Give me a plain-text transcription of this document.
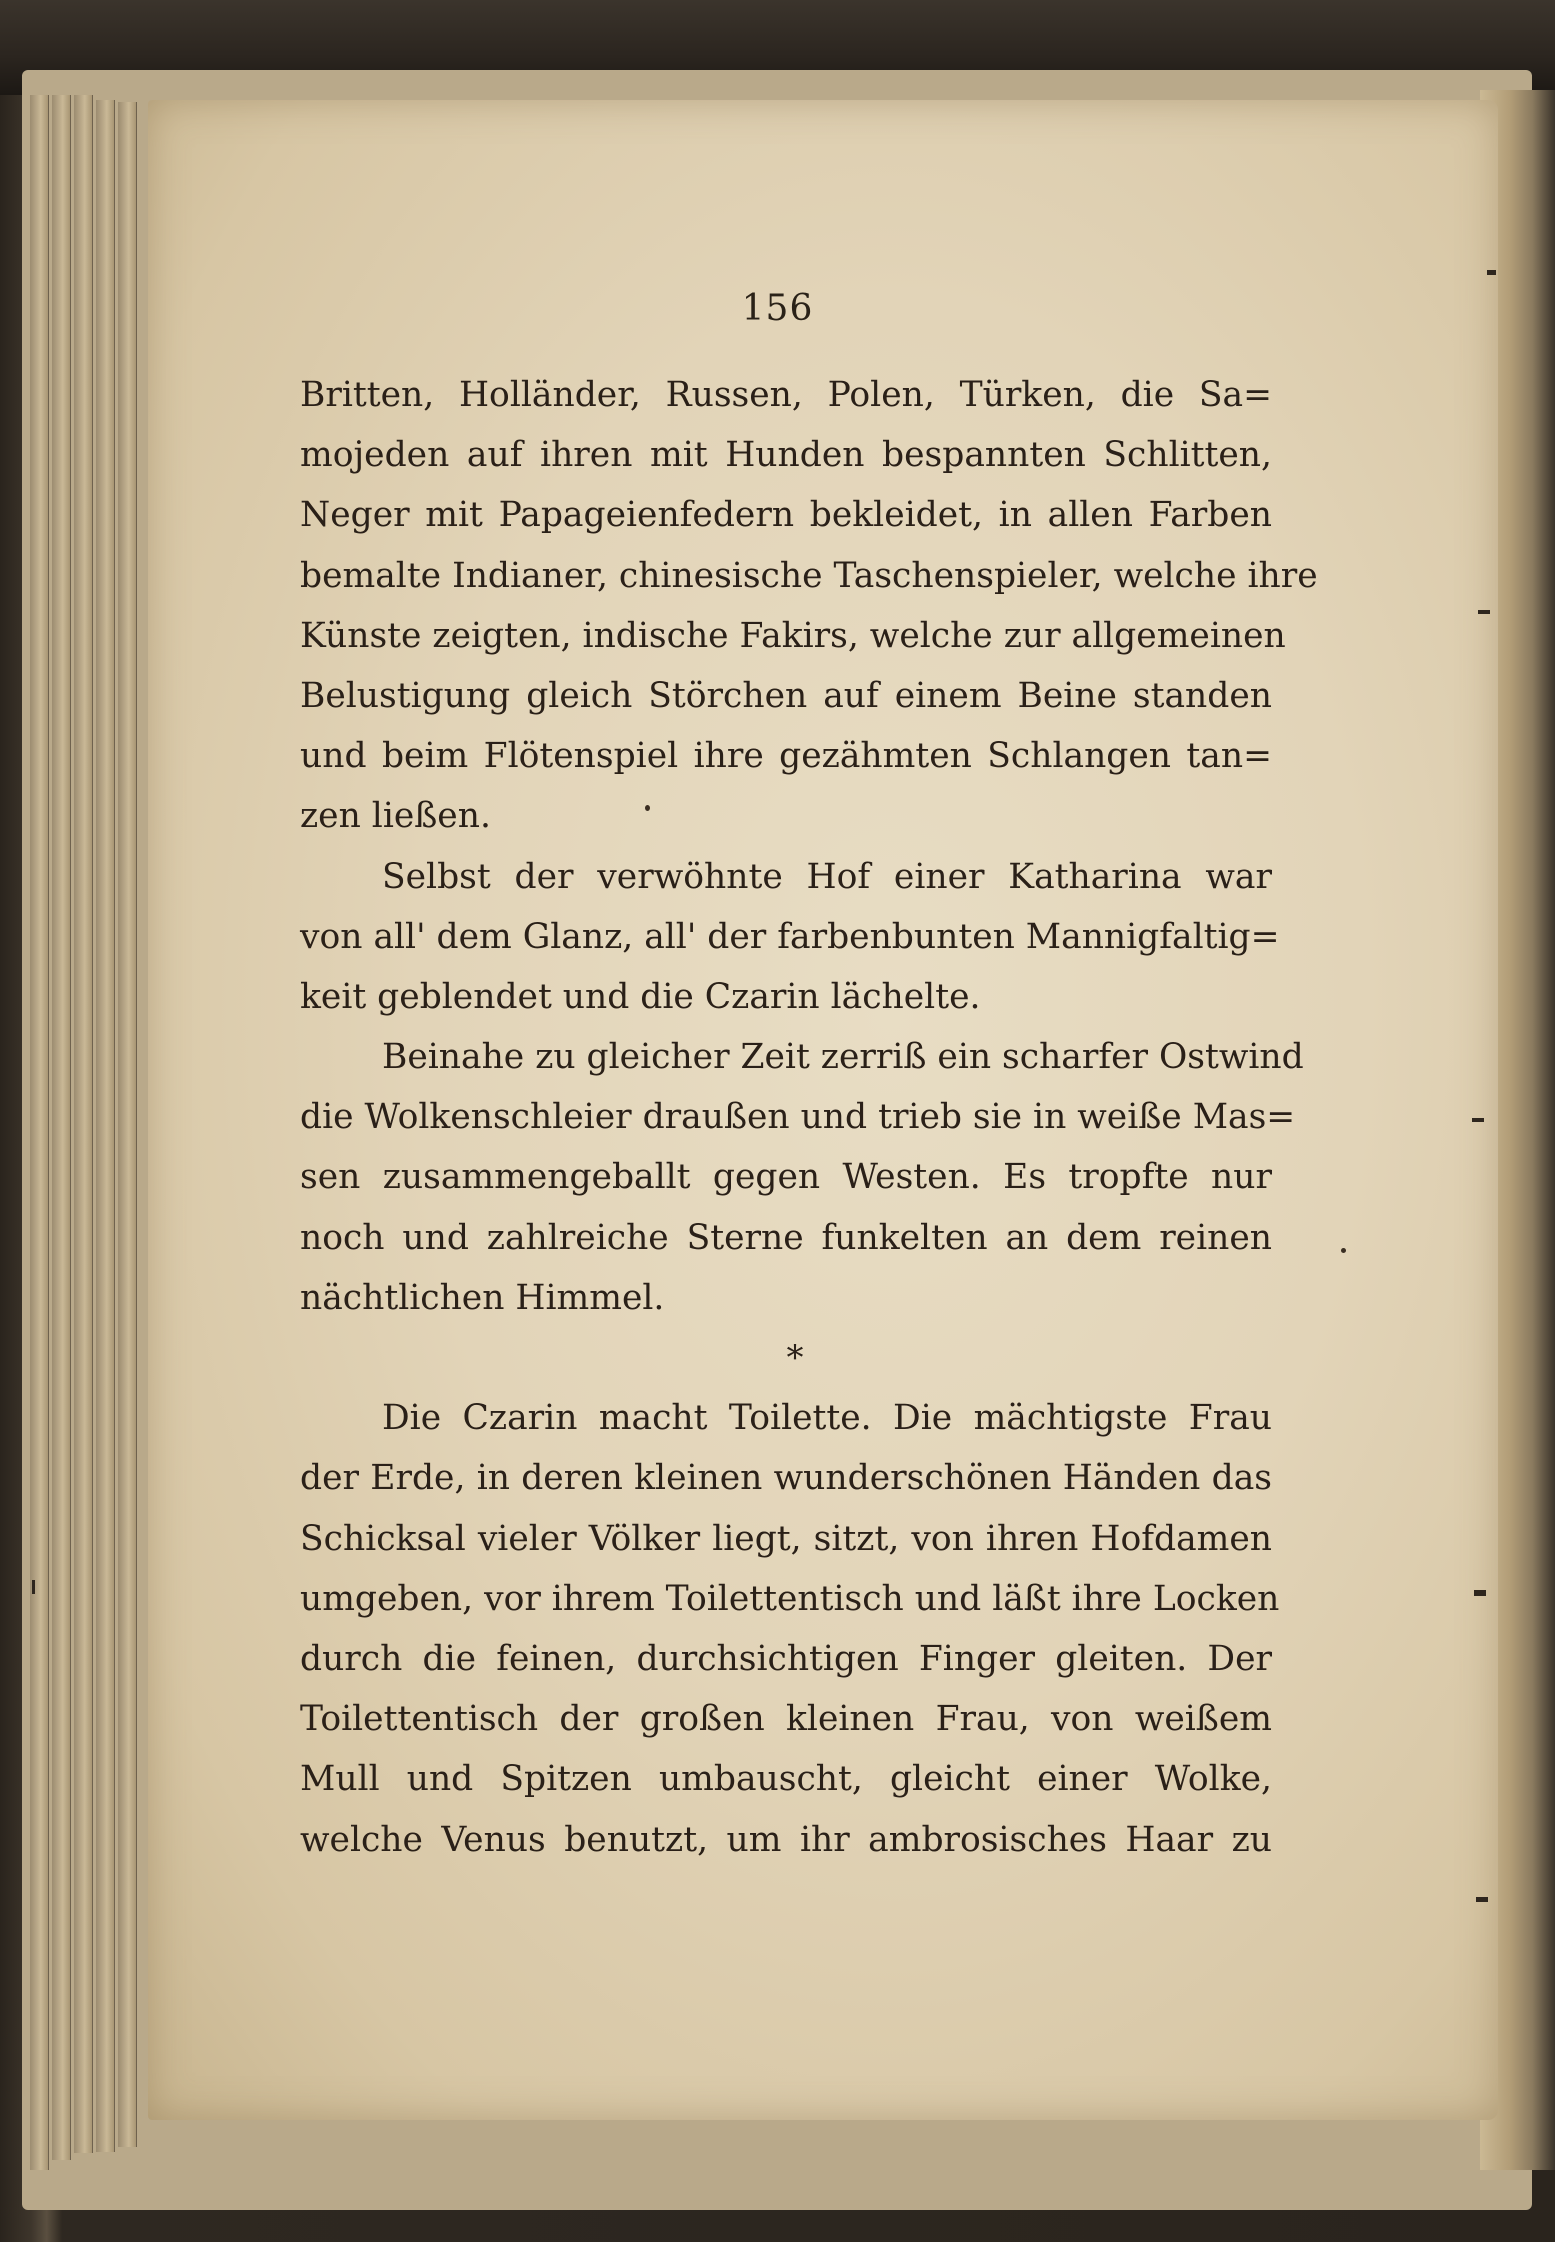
156
Britten, Holländer, Russen, Polen, Türken, die Sa=
mojeden auf ihren mit Hunden bespannten Schlitten,
Neger mit Papageienfedern bekleidet, in allen Farben
bemalte Indianer, chinesische Taschenspieler, welche ihre
Künste zeigten, indische Fakirs, welche zur allgemeinen
Belustigung gleich Störchen auf einem Beine standen
und beim Flötenspiel ihre gezähmten Schlangen tan=
zen ließen.
Selbst der verwöhnte Hof einer Katharina war
von all' dem Glanz, all' der farbenbunten Mannigfaltig=
keit geblendet und die Czarin lächelte.
Beinahe zu gleicher Zeit zerriß ein scharfer Ostwind
die Wolkenschleier draußen und trieb sie in weiße Mas=
sen zusammengeballt gegen Westen. Es tropfte nur
noch und zahlreiche Sterne funkelten an dem reinen
nächtlichen Himmel.
*
Die Czarin macht Toilette. Die mächtigste Frau
der Erde, in deren kleinen wunderschönen Händen das
Schicksal vieler Völker liegt, sitzt, von ihren Hofdamen
umgeben, vor ihrem Toilettentisch und läßt ihre Locken
durch die feinen, durchsichtigen Finger gleiten. Der
Toilettentisch der großen kleinen Frau, von weißem
Mull und Spitzen umbauscht, gleicht einer Wolke,
welche Venus benutzt, um ihr ambrosisches Haar zu
